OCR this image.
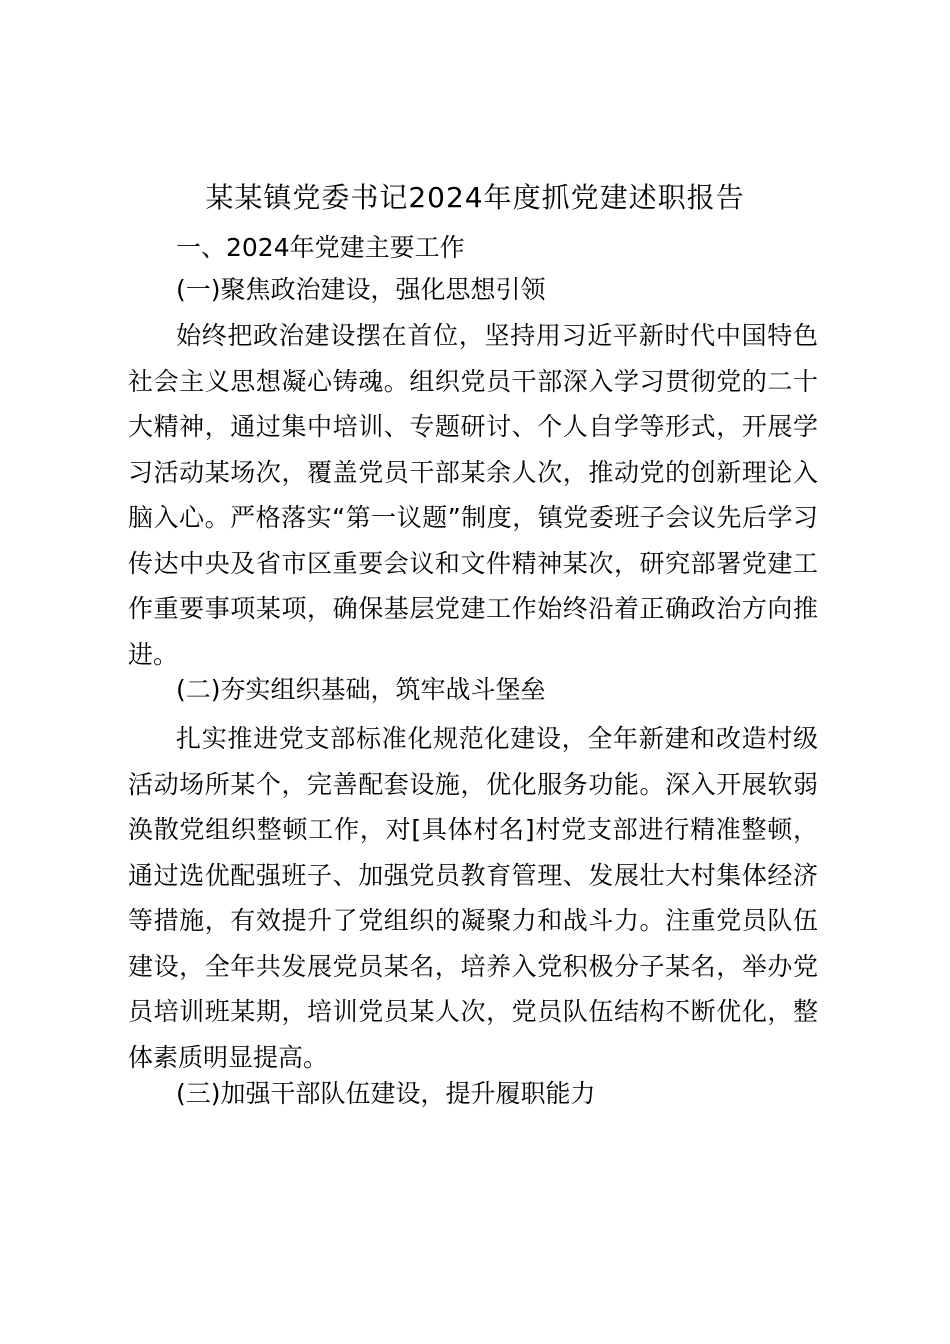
某某镇党委书记2024年度抓党建述职报告
一、2024年党建主要工作
(一)聚焦政治建设，强化思想引领
始终把政治建设摆在首位，坚持用习近平新时代中国特色
社会主义思想凝心铸魂。组织党员干部深入学习贯彻党的二十
大精神，通过集中培训、专题研讨、个人自学等形式，开展学
习活动某场次，覆盖党员干部某余人次，推动党的创新理论入
脑入心。严格落实“第一议题”制度，镇党委班子会议先后学习
传达中央及省市区重要会议和文件精神某次，研究部署党建工
作重要事项某项，确保基层党建工作始终沿着正确政治方向推
进。
(二)夯实组织基础，筑牢战斗堡垒
扎实推进党支部标准化规范化建设，全年新建和改造村级
活动场所某个，完善配套设施，优化服务功能。深入开展软弱
涣散党组织整顿工作，对[具体村名]村党支部进行精准整顿，
通过选优配强班子、加强党员教育管理、发展壮大村集体经济
等措施，有效提升了党组织的凝聚力和战斗力。注重党员队伍
建设，全年共发展党员某名，培养入党积极分子某名，举办党
员培训班某期，培训党员某人次，党员队伍结构不断优化，整
体素质明显提高。
(三)加强干部队伍建设，提升履职能力
